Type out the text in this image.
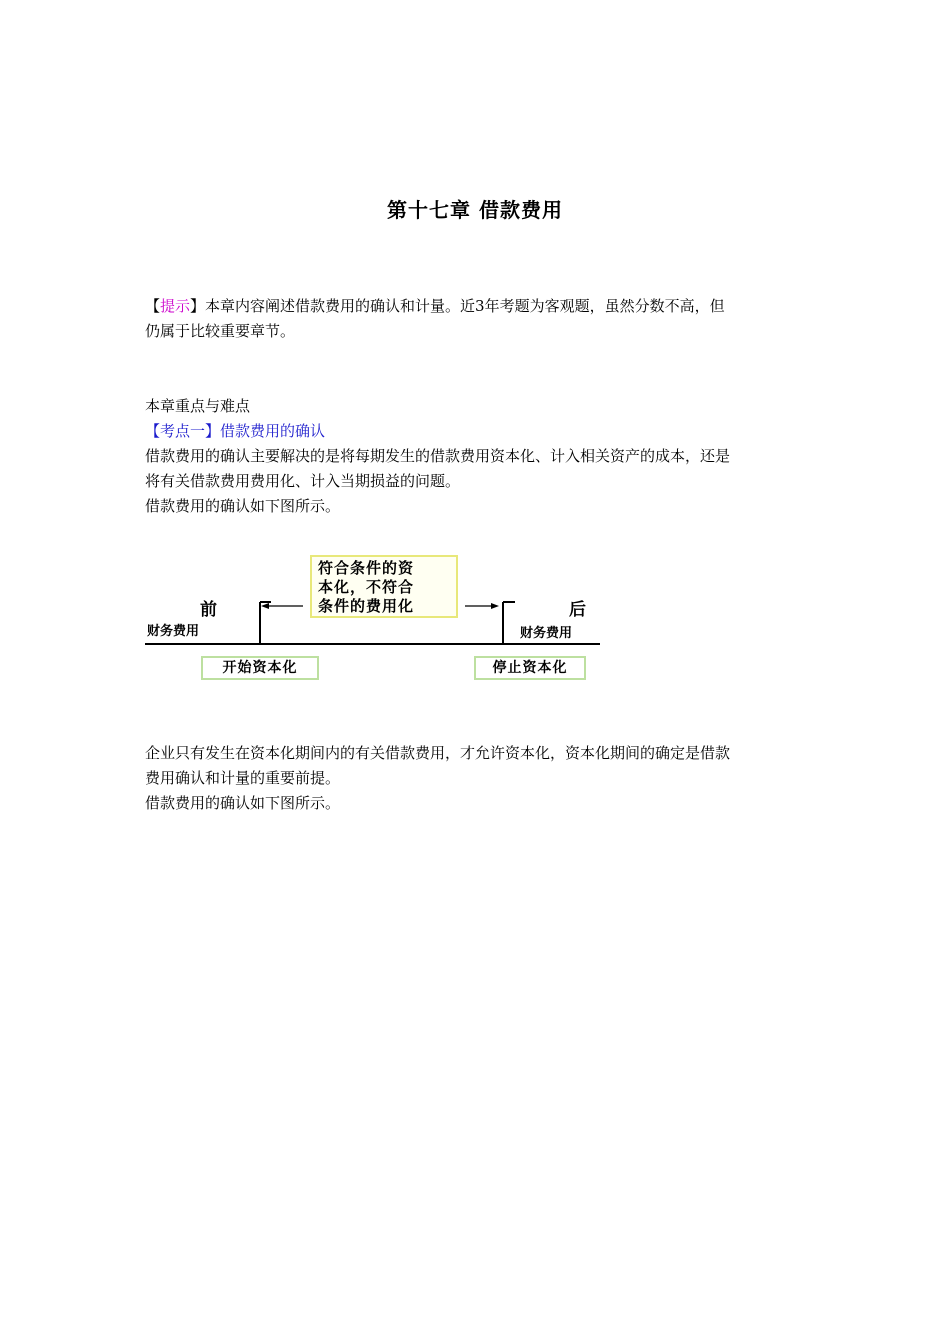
第十七章 借款费用
【提示】本章内容阐述借款费用的确认和计量。近3年考题为客观题，虽然分数不高，但
仍属于比较重要章节。
本章重点与难点
【考点一】借款费用的确认
借款费用的确认主要解决的是将每期发生的借款费用资本化、计入相关资产的成本，还是
将有关借款费用费用化、计入当期损益的问题。
借款费用的确认如下图所示。
符合条件的资
本化，不符合
条件的费用化
前
财务费用
后
财务费用
开始资本化	停止资本化
企业只有发生在资本化期间内的有关借款费用，才允许资本化，资本化期间的确定是借款
费用确认和计量的重要前提。
借款费用的确认如下图所示。
